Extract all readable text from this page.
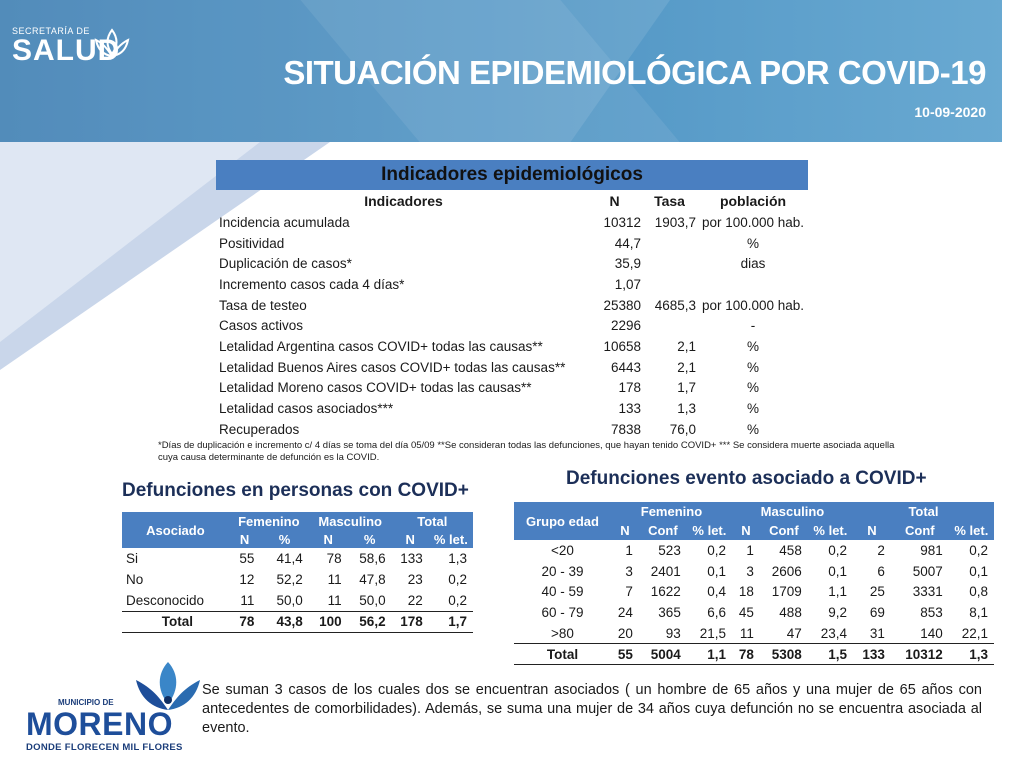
SECRETARÍA DE
SALUD
SITUACIÓN EPIDEMIOLÓGICA POR COVID-19
10-09-2020
Indicadores epidemiológicos
Indicadores	N	Tasa	población
Incidencia acumulada	10312	1903,7	por 100.000 hab.
Positividad	44,7		%
Duplicación de casos*	35,9		dias
Incremento casos cada 4 días*	1,07		
Tasa de testeo	25380	4685,3	por 100.000 hab.
Casos activos	2296		-
Letalidad Argentina casos COVID+ todas las causas**	10658	2,1	%
Letalidad Buenos Aires casos COVID+ todas las causas**	6443	2,1	%
Letalidad Moreno casos COVID+ todas las causas**	178	1,7	%
Letalidad casos asociados***	133	1,3	%
Recuperados	7838	76,0	%
*Días de duplicación e incremento c/ 4 días se toma del día 05/09 **Se consideran todas las defunciones, que hayan tenido COVID+ *** Se considera muerte asociada aquella cuya causa determinante de defunción es la COVID.
Defunciones en personas con COVID+
Asociado	Femenino		Masculino		Total	
	N	%	N	%	N	% let.
Si	55	41,4	78	58,6	133	1,3
No	12	52,2	11	47,8	23	0,2
Desconocido	11	50,0	11	50,0	22	0,2
Total	78	43,8	100	56,2	178	1,7
Defunciones evento asociado a COVID+
Grupo edad	Femenino			Masculino			Total		
	N	Conf	% let.	N	Conf	% let.	N	Conf	% let.
<20	1	523	0,2	1	458	0,2	2	981	0,2
20 - 39	3	2401	0,1	3	2606	0,1	6	5007	0,1
40 - 59	7	1622	0,4	18	1709	1,1	25	3331	0,8
60 - 79	24	365	6,6	45	488	9,2	69	853	8,1
>80	20	93	21,5	11	47	23,4	31	140	22,1
Total	55	5004	1,1	78	5308	1,5	133	10312	1,3
MUNICIPIO DE
MORENO
DONDE FLORECEN MIL FLORES
Se suman 3 casos de los cuales dos se encuentran asociados ( un hombre de 65 años y una mujer de 65 años con antecedentes de comorbilidades). Además, se suma una mujer de 34 años cuya defunción no se encuentra asociada al evento.
